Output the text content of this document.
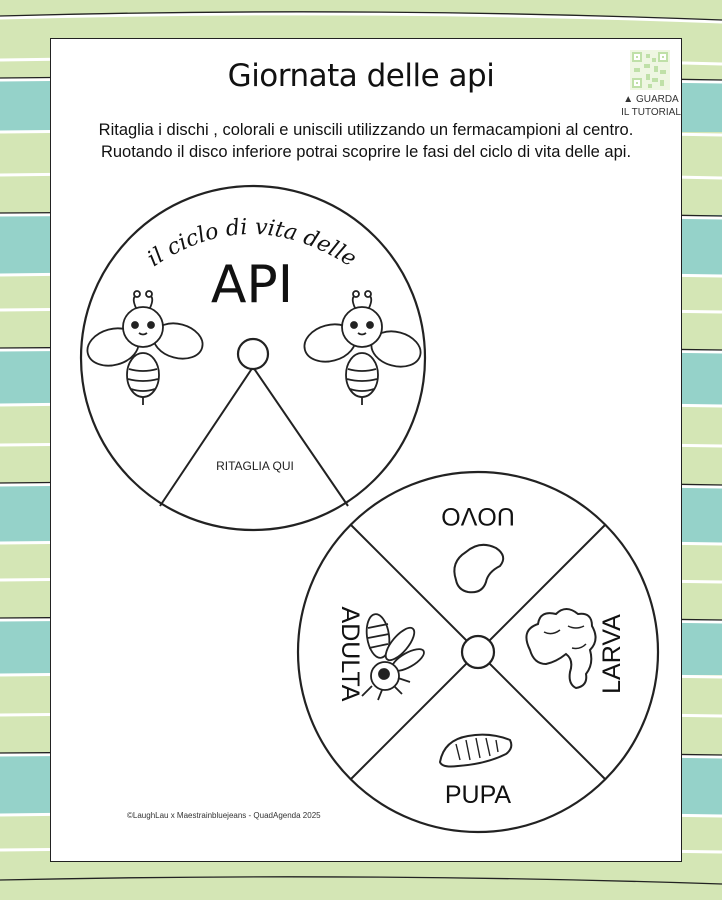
Giornata delle api
Ritaglia i dischi , colorali e uniscili utilizzando un fermacampioni al centro.
Ruotando il disco inferiore potrai scoprire le fasi del ciclo di vita delle api.
▲ GUARDA
IL TUTORIAL
il ciclo di vita delle
API
RITAGLIA QUI
UOVO
LARVA
PUPA
ADULTA
©LaughLau x Maestrainbluejeans - QuadAgenda 2025
